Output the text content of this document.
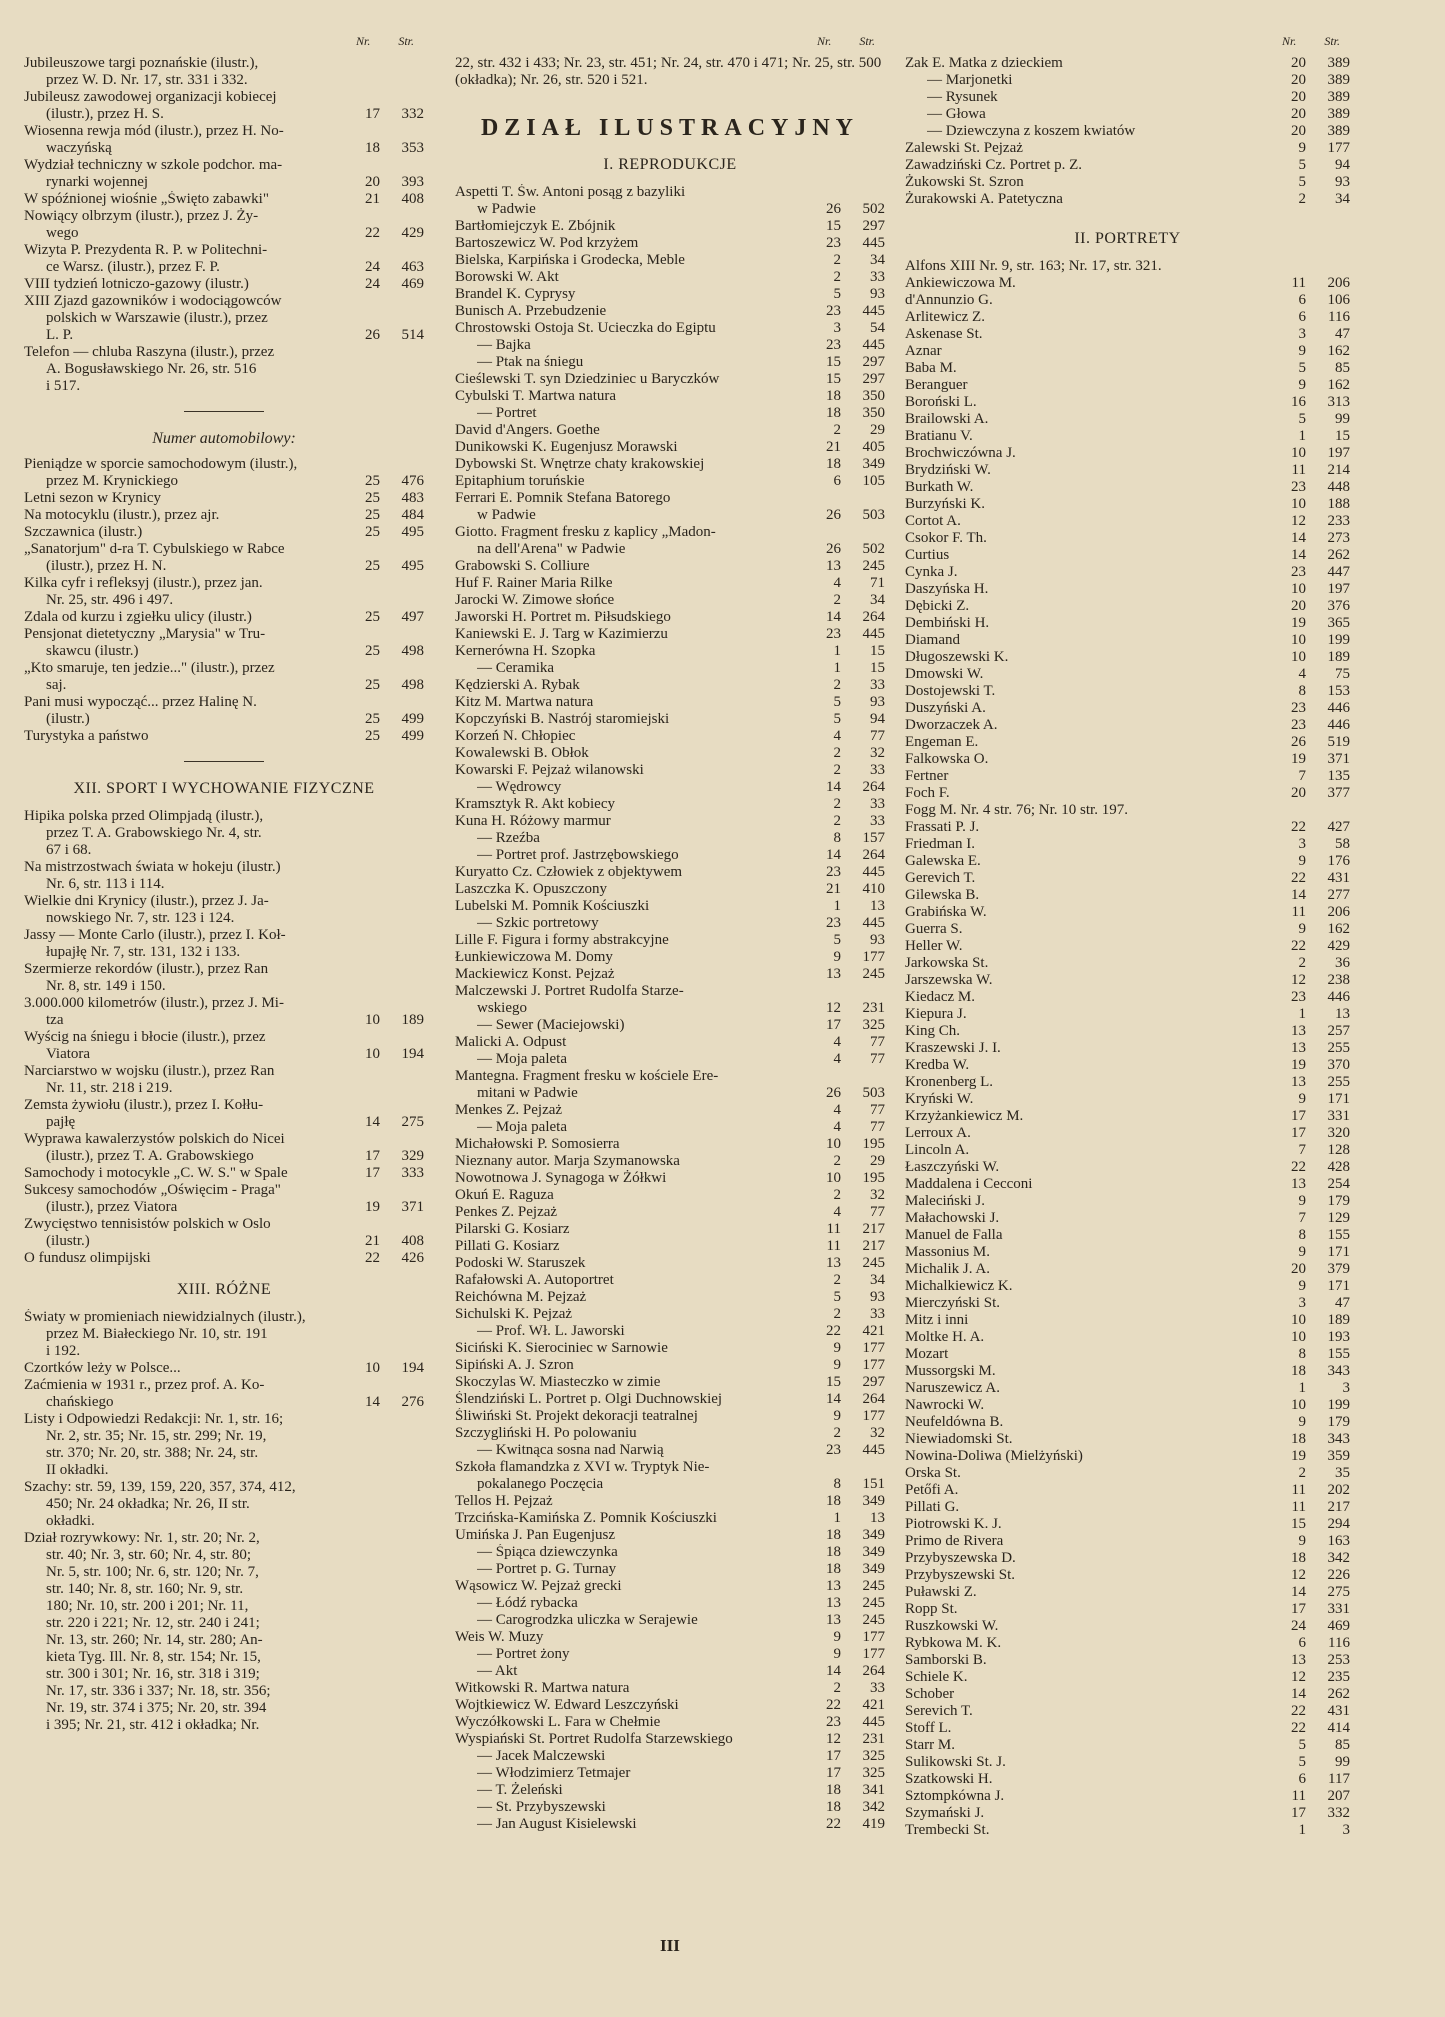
Nr. Str.
Jubileuszowe targi poznańskie (ilustr.),
przez W. D. Nr. 17, str. 331 i 332.
Jubileusz zawodowej organizacji kobiecej
(ilustr.), przez H. S.	17	332
Wiosenna rewja mód (ilustr.), przez H. No-
waczyńską	18	353
Wydział techniczny w szkole podchor. ma-
rynarki wojennej	20	393
W spóźnionej wiośnie „Święto zabawki"	21	408
Nowiący olbrzym (ilustr.), przez J. Ży-
wego	22	429
Wizyta P. Prezydenta R. P. w Politechni-
ce Warsz. (ilustr.), przez F. P.	24	463
VIII tydzień lotniczo-gazowy (ilustr.)	24	469
XIII Zjazd gazowników i wodociągowców
polskich w Warszawie (ilustr.), przez
L. P.	26	514
Telefon — chluba Raszyna (ilustr.), przez
A. Bogusławskiego Nr. 26, str. 516
i 517.
Numer automobilowy:
Pieniądze w sporcie samochodowym (ilustr.),
przez M. Krynickiego	25	476
Letni sezon w Krynicy	25	483
Na motocyklu (ilustr.), przez ajr.	25	484
Szczawnica (ilustr.)	25	495
„Sanatorjum" d-ra T. Cybulskiego w Rabce
(ilustr.), przez H. N.	25	495
Kilka cyfr i refleksyj (ilustr.), przez jan.
Nr. 25, str. 496 i 497.
Zdala od kurzu i zgiełku ulicy (ilustr.)	25	497
Pensjonat dietetyczny „Marysia" w Tru-
skawcu (ilustr.)	25	498
„Kto smaruje, ten jedzie..." (ilustr.), przez
saj.	25	498
Pani musi wypocząć... przez Halinę N.
(ilustr.)	25	499
Turystyka a państwo	25	499
XII. SPORT I WYCHOWANIE FIZYCZNE
Hipika polska przed Olimpjadą (ilustr.),
przez T. A. Grabowskiego Nr. 4, str.
67 i 68.
Na mistrzostwach świata w hokeju (ilustr.)
Nr. 6, str. 113 i 114.
Wielkie dni Krynicy (ilustr.), przez J. Ja-
nowskiego Nr. 7, str. 123 i 124.
Jassy — Monte Carlo (ilustr.), przez I. Koł-
łupajłę Nr. 7, str. 131, 132 i 133.
Szermierze rekordów (ilustr.), przez Ran
Nr. 8, str. 149 i 150.
3.000.000 kilometrów (ilustr.), przez J. Mi-
tza	10	189
Wyścig na śniegu i błocie (ilustr.), przez
Viatora	10	194
Narciarstwo w wojsku (ilustr.), przez Ran
Nr. 11, str. 218 i 219.
Zemsta żywiołu (ilustr.), przez I. Kołłu-
pajłę	14	275
Wyprawa kawalerzystów polskich do Nicei
(ilustr.), przez T. A. Grabowskiego	17	329
Samochody i motocykle „C. W. S." w Spale	17	333
Sukcesy samochodów „Oświęcim - Praga"
(ilustr.), przez Viatora	19	371
Zwycięstwo tennisistów polskich w Oslo
(ilustr.)	21	408
O fundusz olimpijski	22	426
XIII. RÓŻNE
Światy w promieniach niewidzialnych (ilustr.),
przez M. Białeckiego Nr. 10, str. 191
i 192.
Czortków leży w Polsce...	10	194
Zaćmienia w 1931 r., przez prof. A. Ko-
chańskiego	14	276
Listy i Odpowiedzi Redakcji: Nr. 1, str. 16;
Nr. 2, str. 35; Nr. 15, str. 299; Nr. 19,
str. 370; Nr. 20, str. 388; Nr. 24, str.
II okładki.
Szachy: str. 59, 139, 159, 220, 357, 374, 412,
450; Nr. 24 okładka; Nr. 26, II str.
okładki.
Dział rozrywkowy: Nr. 1, str. 20; Nr. 2,
str. 40; Nr. 3, str. 60; Nr. 4, str. 80;
Nr. 5, str. 100; Nr. 6, str. 120; Nr. 7,
str. 140; Nr. 8, str. 160; Nr. 9, str.
180; Nr. 10, str. 200 i 201; Nr. 11,
str. 220 i 221; Nr. 12, str. 240 i 241;
Nr. 13, str. 260; Nr. 14, str. 280; An-
kieta Tyg. Ill. Nr. 8, str. 154; Nr. 15,
str. 300 i 301; Nr. 16, str. 318 i 319;
Nr. 17, str. 336 i 337; Nr. 18, str. 356;
Nr. 19, str. 374 i 375; Nr. 20, str. 394
i 395; Nr. 21, str. 412 i okładka; Nr.
Nr. Str.
22, str. 432 i 433; Nr. 23, str. 451; Nr. 24, str. 470 i 471; Nr. 25, str. 500 (okładka); Nr. 26, str. 520 i 521.
DZIAŁ ILUSTRACYJNY
I. REPRODUKCJE
Aspetti T. Św. Antoni posąg z bazyliki
w Padwie	26	502
Bartłomiejczyk E. Zbójnik	15	297
Bartoszewicz W. Pod krzyżem	23	445
Bielska, Karpińska i Grodecka, Meble	2	34
Borowski W. Akt	2	33
Brandel K. Cyprysy	5	93
Bunisch A. Przebudzenie	23	445
Chrostowski Ostoja St. Ucieczka do Egiptu	3	54
— Bajka	23	445
— Ptak na śniegu	15	297
Cieślewski T. syn Dziedziniec u Baryczków	15	297
Cybulski T. Martwa natura	18	350
— Portret	18	350
David d'Angers. Goethe	2	29
Dunikowski K. Eugenjusz Morawski	21	405
Dybowski St. Wnętrze chaty krakowskiej	18	349
Epitaphium toruńskie	6	105
Ferrari E. Pomnik Stefana Batorego
w Padwie	26	503
Giotto. Fragment fresku z kaplicy „Madon-
na dell'Arena" w Padwie	26	502
Grabowski S. Colliure	13	245
Huf F. Rainer Maria Rilke	4	71
Jarocki W. Zimowe słońce	2	34
Jaworski H. Portret m. Piłsudskiego	14	264
Kaniewski E. J. Targ w Kazimierzu	23	445
Kernerówna H. Szopka	1	15
— Ceramika	1	15
Kędzierski A. Rybak	2	33
Kitz M. Martwa natura	5	93
Kopczyński B. Nastrój staromiejski	5	94
Korzeń N. Chłopiec	4	77
Kowalewski B. Obłok	2	32
Kowarski F. Pejzaż wilanowski	2	33
— Wędrowcy	14	264
Kramsztyk R. Akt kobiecy	2	33
Kuna H. Różowy marmur	2	33
— Rzeźba	8	157
— Portret prof. Jastrzębowskiego	14	264
Kuryatto Cz. Człowiek z objektywem	23	445
Laszczka K. Opuszczony	21	410
Lubelski M. Pomnik Kościuszki	1	13
— Szkic portretowy	23	445
Lille F. Figura i formy abstrakcyjne	5	93
Łunkiewiczowa M. Domy	9	177
Mackiewicz Konst. Pejzaż	13	245
Malczewski J. Portret Rudolfa Starze-
wskiego	12	231
— Sewer (Maciejowski)	17	325
Malicki A. Odpust	4	77
— Moja paleta	4	77
Mantegna. Fragment fresku w kościele Ere-
mitani w Padwie	26	503
Menkes Z. Pejzaż	4	77
— Moja paleta	4	77
Michałowski P. Somosierra	10	195
Nieznany autor. Marja Szymanowska	2	29
Nowotnowa J. Synagoga w Żółkwi	10	195
Okuń E. Raguza	2	32
Penkes Z. Pejzaż	4	77
Pilarski G. Kosiarz	11	217
Pillati G. Kosiarz	11	217
Podoski W. Staruszek	13	245
Rafałowski A. Autoportret	2	34
Reichówna M. Pejzaż	5	93
Sichulski K. Pejzaż	2	33
— Prof. Wł. L. Jaworski	22	421
Siciński K. Sierociniec w Sarnowie	9	177
Sipiński A. J. Szron	9	177
Skoczylas W. Miasteczko w zimie	15	297
Ślendziński L. Portret p. Olgi Duchnowskiej	14	264
Śliwiński St. Projekt dekoracji teatralnej	9	177
Szczygliński H. Po polowaniu	2	32
— Kwitnąca sosna nad Narwią	23	445
Szkoła flamandzka z XVI w. Tryptyk Nie-
pokalanego Poczęcia	8	151
Tellos H. Pejzaż	18	349
Trzcińska-Kamińska Z. Pomnik Kościuszki	1	13
Umińska J. Pan Eugenjusz	18	349
— Śpiąca dziewczynka	18	349
— Portret p. G. Turnay	18	349
Wąsowicz W. Pejzaż grecki	13	245
— Łódź rybacka	13	245
— Carogrodzka uliczka w Serajewie	13	245
Weis W. Muzy	9	177
— Portret żony	9	177
— Akt	14	264
Witkowski R. Martwa natura	2	33
Wojtkiewicz W. Edward Leszczyński	22	421
Wyczółkowski L. Fara w Chełmie	23	445
Wyspiański St. Portret Rudolfa Starzewskiego	12	231
— Jacek Malczewski	17	325
— Włodzimierz Tetmajer	17	325
— T. Żeleński	18	341
— St. Przybyszewski	18	342
— Jan August Kisielewski	22	419
Nr. Str.
Zak E. Matka z dzieckiem	20	389
— Marjonetki	20	389
— Rysunek	20	389
— Głowa	20	389
— Dziewczyna z koszem kwiatów	20	389
Zalewski St. Pejzaż	9	177
Zawadziński Cz. Portret p. Z.	5	94
Żukowski St. Szron	5	93
Żurakowski A. Patetyczna	2	34
II. PORTRETY
Alfons XIII Nr. 9, str. 163; Nr. 17, str. 321.
Ankiewiczowa M.	11	206
d'Annunzio G.	6	106
Arlitewicz Z.	6	116
Askenase St.	3	47
Aznar	9	162
Baba M.	5	85
Beranguer	9	162
Boroński L.	16	313
Brailowski A.	5	99
Bratianu V.	1	15
Brochwiczówna J.	10	197
Brydziński W.	11	214
Burkath W.	23	448
Burzyński K.	10	188
Cortot A.	12	233
Csokor F. Th.	14	273
Curtius	14	262
Cynka J.	23	447
Daszyńska H.	10	197
Dębicki Z.	20	376
Dembiński H.	19	365
Diamand	10	199
Długoszewski K.	10	189
Dmowski W.	4	75
Dostojewski T.	8	153
Duszyński A.	23	446
Dworzaczek A.	23	446
Engeman E.	26	519
Falkowska O.	19	371
Fertner	7	135
Foch F.	20	377
Fogg M. Nr. 4 str. 76; Nr. 10 str. 197.
Frassati P. J.	22	427
Friedman I.	3	58
Galewska E.	9	176
Gerevich T.	22	431
Gilewska B.	14	277
Grabińska W.	11	206
Guerra S.	9	162
Heller W.	22	429
Jarkowska St.	2	36
Jarszewska W.	12	238
Kiedacz M.	23	446
Kiepura J.	1	13
King Ch.	13	257
Kraszewski J. I.	13	255
Kredba W.	19	370
Kronenberg L.	13	255
Kryński W.	9	171
Krzyżankiewicz M.	17	331
Lerroux A.	17	320
Lincoln A.	7	128
Łaszczyński W.	22	428
Maddalena i Cecconi	13	254
Maleciński J.	9	179
Małachowski J.	7	129
Manuel de Falla	8	155
Massonius M.	9	171
Michalik J. A.	20	379
Michalkiewicz K.	9	171
Mierczyński St.	3	47
Mitz i inni	10	189
Moltke H. A.	10	193
Mozart	8	155
Mussorgski M.	18	343
Naruszewicz A.	1	3
Nawrocki W.	10	199
Neufeldówna B.	9	179
Niewiadomski St.	18	343
Nowina-Doliwa (Mielżyński)	19	359
Orska St.	2	35
Petőfi A.	11	202
Pillati G.	11	217
Piotrowski K. J.	15	294
Primo de Rivera	9	163
Przybyszewska D.	18	342
Przybyszewski St.	12	226
Puławski Z.	14	275
Ropp St.	17	331
Ruszkowski W.	24	469
Rybkowa M. K.	6	116
Samborski B.	13	253
Schiele K.	12	235
Schober	14	262
Serevich T.	22	431
Stoff L.	22	414
Starr M.	5	85
Sulikowski St. J.	5	99
Szatkowski H.	6	117
Sztompkówna J.	11	207
Szymański J.	17	332
Trembecki St.	1	3
III
